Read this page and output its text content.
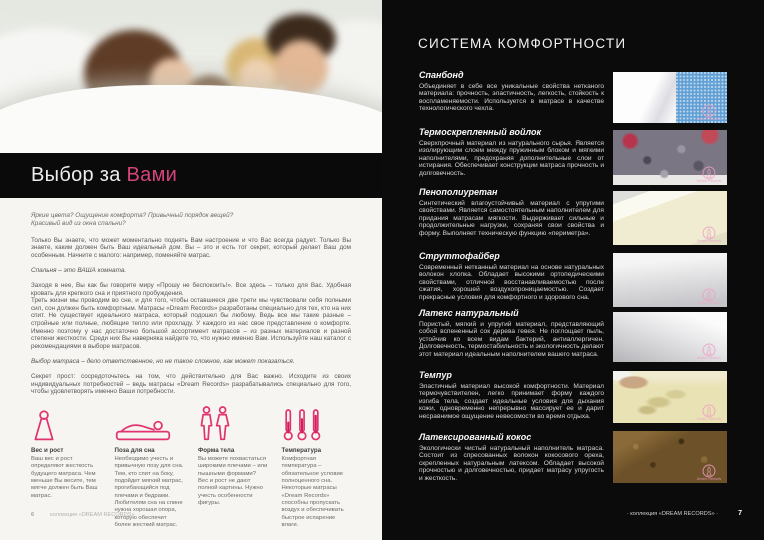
Выбор за Вами

Яркие цвета? Ощущение комфорта? Привычный порядок вещей?
Красивый вид из окна спальни?

Только Вы знаете, что может моментально поднять Вам настроение и что Вас всегда радует. Только Вы знаете, каким должен быть Ваш идеальный дом. Вы – это и есть тот секрет, который делает Ваш дом особенным. Начните с малого: например, поменяйте матрас.

Спальня – это ВАША комната.

Заходя в нее, Вы как бы говорите миру «Прошу не беспокоить!». Все здесь – только для Вас. Удобная кровать для крепкого сна и приятного пробуждения.

Треть жизни мы проводим во сне, и для того, чтобы оставшиеся две трети мы чувствовали себя полными сил, сон должен быть комфортным. Матрасы «Dream Records» разработаны специально для тех, кто на них спит. Не существует идеального матраса, который подошел бы любому. Ведь все мы такие разные – стройные или полные, любящие тепло или прохладу. У каждого из нас свое представление о комфорте. Именно поэтому у нас достаточно большой ассортимент матрасов – из разных материалов и разной степени жесткости. Среди них Вы наверняка найдете то, что нужно именно Вам. Используйте наш каталог с рекомендациями в выборе матрасов.

Выбор матраса – дело ответственное, но не такое сложное, как может показаться.

Секрет прост: сосредоточьтесь на том, что действительно для Вас важно. Исходите из своих индивидуальных потребностей – ведь матрасы «Dream Records» разрабатывались специально для того, чтобы удовлетворять именно Ваши потребности.

Вес и рост

Ваш вес и рост определяют жесткость будущего матраса. Чем меньше Вы весите, тем мягче должен быть Ваш матрас.

Поза для сна

Необходимо учесть и привычную позу для сна. Тем, кто спит на боку, подойдет мягкий матрас, прогибающийся под плечами и бедрами. Любителям сна на спине нужна хорошая опора, которую обеспечит более жесткий матрас.

Форма тела

Вы можете похвастаться широкими плечами – или пышными формами? Вес и рост не дают полной картины. Нужно учесть особенности фигуры.

Температура

Комфортная температура – обязательное условие полноценного сна. Некоторые матрасы «Dream Records» способны пропускать воздух и обеспечивать быстрое испарение влаги.

6	коллекция «DREAM RECORDS»
СИСТЕМА КОМФОРТНОСТИ
Спанбонд

Объединяет в себе все уникальные свойства нетканого материала: прочность, эластичность, легкость, стойкость к воспламеняемости. Используется в матрасе в качестве технологического чехла.

Термоскрепленный войлок

Сверхпрочный материал из натурального сырья. Является изолирующим слоем между пружинным блоком и мягкими наполнителями, предохраняя дополнительные слои от истирания. Обеспечивает конструкции матраса прочность и долговечность.

Пенополиуретан

Синтетический влагоустойчивый материал с упругими свойствами. Является самостоятельным наполнителем для придания матрасам мягкости. Выдерживает сильные и продолжительные нагрузки, сохраняя свои свойства и форму. Выполняет техническую функцию «периметра».

Струттофайбер

Современный нетканный материал на основе натуральных волокон хлопка. Обладает высокими ортопедическими свойствами, отличной восстанавливаемостью после сжатия, хорошей воздухопроницаемостью. Создает прекрасные условия для комфортного и здорового сна.

Латекс натуральный

Пористый, мягкий и упругий материал, представляющий собой вспененный сок дерева гевея. Не поглощает пыль, устойчив ко всем видам бактерий, антиаллергичен. Долговечность, термостабильность и экологичность делают этот материал идеальным наполнителем вашего матраса.

Темпур

Эластичный материал высокой комфортности. Материал термочувствителен, легко принимает форму каждого изгиба тела, создает идеальные условия для дыхания кожи, одновременно непрерывно массирует ее и дарит несравнимое ощущение невесомости во время отдыха.

Латексированный кокос

Экологически чистый натуральный наполнитель матраса. Состоит из спресованных волокон кокосового ореха, скрепленных натуральным латексом. Обладает высокой прочностью и долговечностью, придает матрасу упругость и жесткость.

Dream Records
Dream Records
Dream Records
Dream Records
Dream Records
Dream Records
Dream Records
· коллекция «DREAM RECORDS» ·	7
